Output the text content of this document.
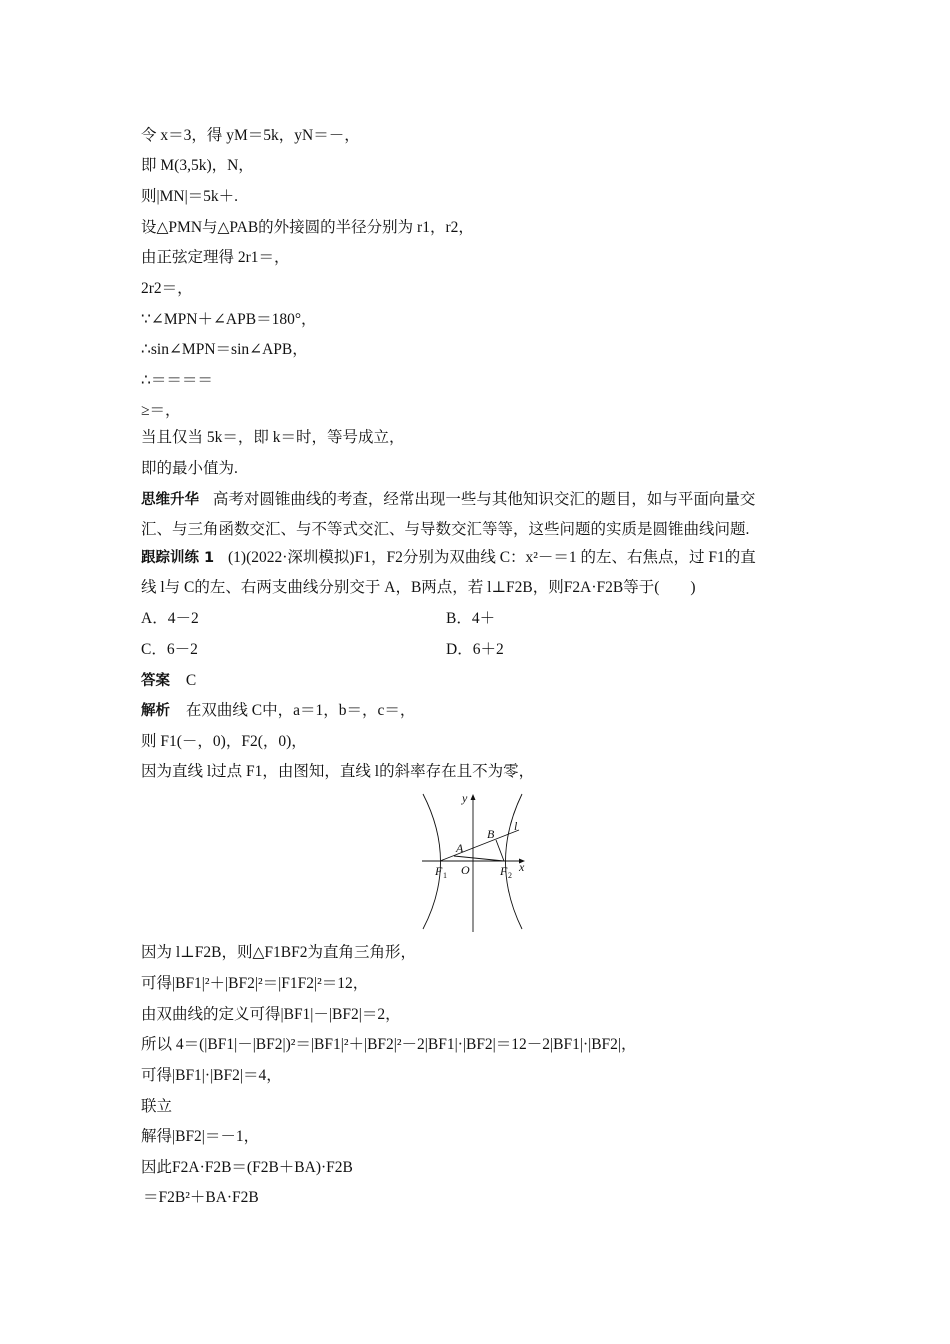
令 x＝3，得 yM＝5k，yN＝－，
即 M(3,5k)，N，
则|MN|＝5k＋.
设△PMN与△PAB的外接圆的半径分别为 r1，r2，
由正弦定理得 2r1＝，
2r2＝，
∵∠MPN＋∠APB＝180°，
∴sin∠MPN＝sin∠APB，
∴＝＝＝＝
≥＝，
当且仅当 5k＝，即 k＝时，等号成立，
即的最小值为.
思维升华 高考对圆锥曲线的考查，经常出现一些与其他知识交汇的题目，如与平面向量交
汇、与三角函数交汇、与不等式交汇、与导数交汇等等，这些问题的实质是圆锥曲线问题.
跟踪训练 1 (1)(2022·深圳模拟)F1，F2分别为双曲线 C：x²－＝1 的左、右焦点，过 F1的直
线 l与 C的左、右两支曲线分别交于 A，B两点，若 l⊥F2B，则F2A·F2B等于(　　)
A．4－2	B．4＋
C．6－2	D．6＋2
答案 C
解析 在双曲线 C中，a＝1，b＝，c＝，
则 F1(－，0)，F2(，0)，
因为直线 l过点 F1，由图知，直线 l的斜率存在且不为零，
y
x
O
A
B
l
F 1	F 2
因为 l⊥F2B，则△F1BF2为直角三角形，
可得|BF1|²＋|BF2|²＝|F1F2|²＝12，
由双曲线的定义可得|BF1|－|BF2|＝2，
所以 4＝(|BF1|－|BF2|)²＝|BF1|²＋|BF2|²－2|BF1|·|BF2|＝12－2|BF1|·|BF2|，
可得|BF1|·|BF2|＝4，
联立
解得|BF2|＝－1，
因此F2A·F2B＝(F2B＋BA)·F2B
＝F2B²＋BA·F2B
